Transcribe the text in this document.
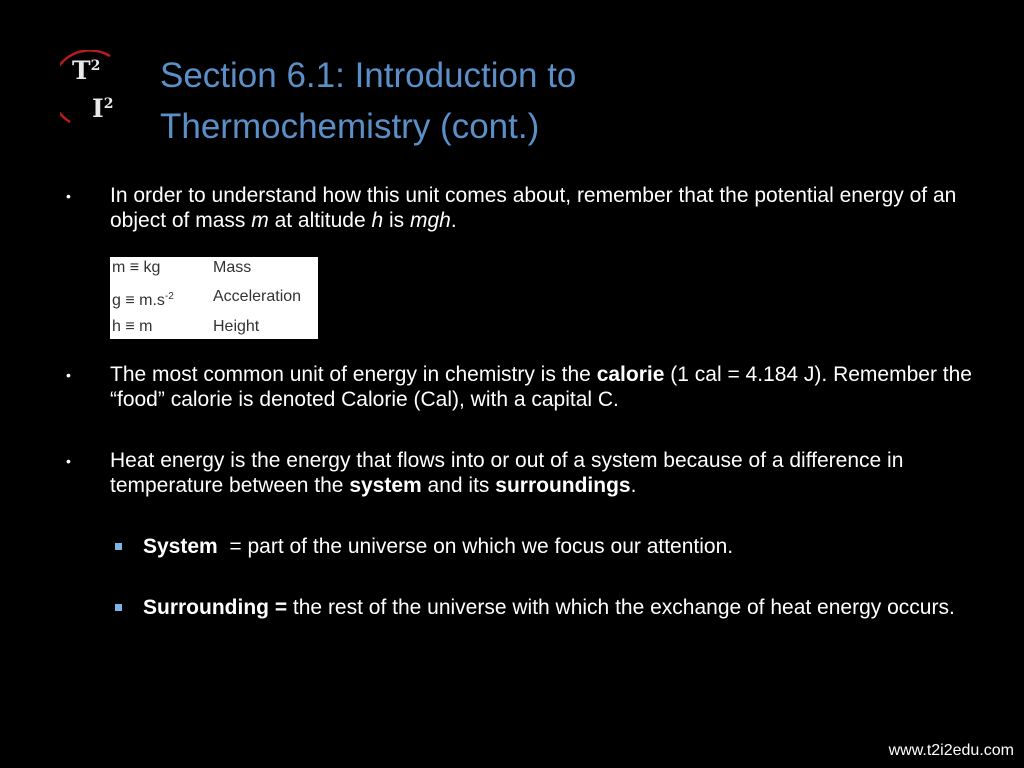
$T^2$
$I^2$
Section 6.1: Introduction to
Thermochemistry (cont.)
• In order to understand how this unit comes about, remember that the potential energy of an object of mass m at altitude h is mgh.
m ≡ kg	Mass
$g \equiv m.s^{-2}$ Acceleration
h ≡ m	Height
• The most common unit of energy in chemistry is the calorie (1 cal = 4.184 J). Remember the “food” calorie is denoted Calorie (Cal), with a capital C.
• Heat energy is the energy that flows into or out of a system because of a difference in temperature between the system and its surroundings.
System  = part of the universe on which we focus our attention.
Surrounding = the rest of the universe with which the exchange of heat energy occurs.
www.t2i2edu.com
